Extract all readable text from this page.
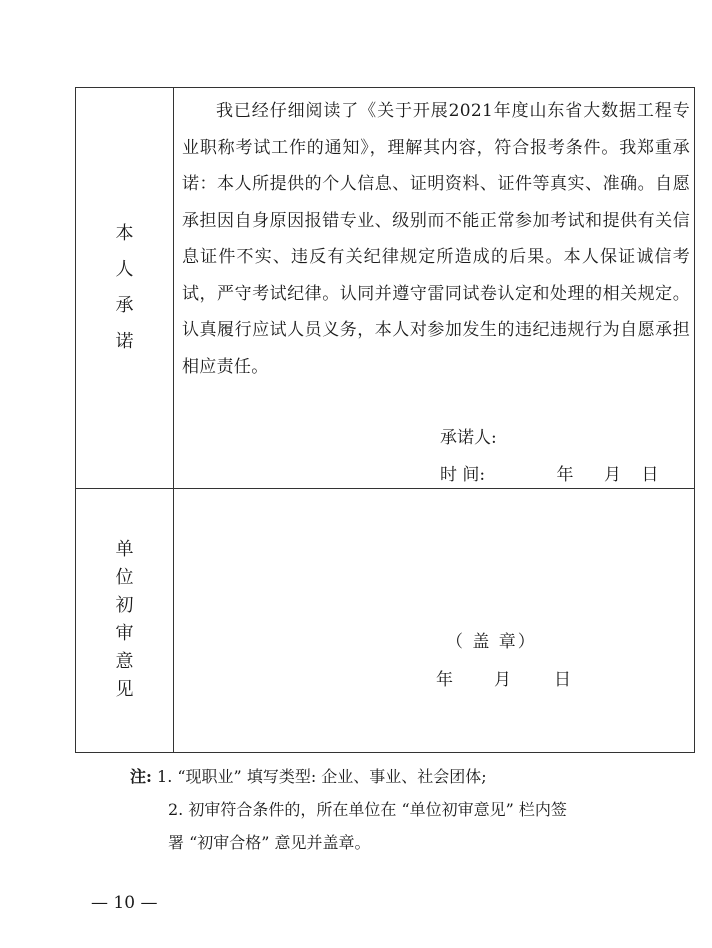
本
人
承
诺
我已经仔细阅读了《关于开展2021年度山东省大数据工程专业职称考试工作的通知》，理解其内容，符合报考条件。我郑重承诺：本人所提供的个人信息、证明资料、证件等真实、准确。自愿承担因自身原因报错专业、级别而不能正常参加考试和提供有关信息证件不实、违反有关纪律规定所造成的后果。本人保证诚信考试，严守考试纪律。认同并遵守雷同试卷认定和处理的相关规定。认真履行应试人员义务，本人对参加发生的违纪违规行为自愿承担相应责任。
承诺人:
时 间:	年	月	日
单
位
初
审
意
见
（ 盖 章）
年	月	日
注: 1. “现职业” 填写类型: 企业、事业、社会团体;
2. 初审符合条件的，所在单位在 “单位初审意见” 栏内签
署 “初审合格” 意见并盖章。
— 10 —
